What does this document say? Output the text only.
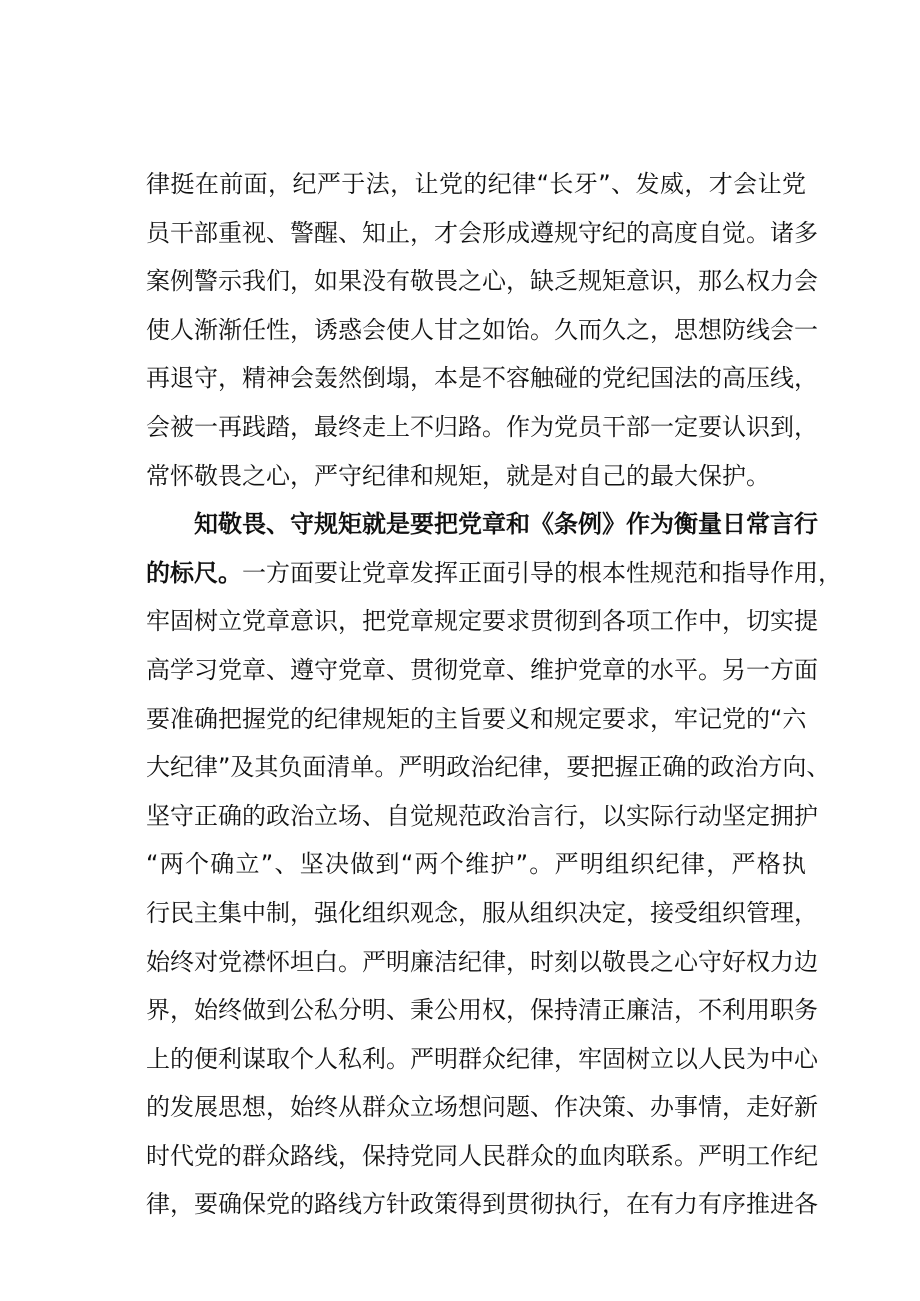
律挺在前面，纪严于法，让党的纪律“长牙”、发威，才会让党
员干部重视、警醒、知止，才会形成遵规守纪的高度自觉。诸多
案例警示我们，如果没有敬畏之心，缺乏规矩意识，那么权力会
使人渐渐任性，诱惑会使人甘之如饴。久而久之，思想防线会一
再退守，精神会轰然倒塌，本是不容触碰的党纪国法的高压线，
会被一再践踏，最终走上不归路。作为党员干部一定要认识到，
常怀敬畏之心，严守纪律和规矩，就是对自己的最大保护。
知敬畏、守规矩就是要把党章和《条例》作为衡量日常言行
的标尺。一方面要让党章发挥正面引导的根本性规范和指导作用，
牢固树立党章意识，把党章规定要求贯彻到各项工作中，切实提
高学习党章、遵守党章、贯彻党章、维护党章的水平。另一方面
要准确把握党的纪律规矩的主旨要义和规定要求，牢记党的“六
大纪律”及其负面清单。严明政治纪律，要把握正确的政治方向、
坚守正确的政治立场、自觉规范政治言行，以实际行动坚定拥护
“两个确立”、坚决做到“两个维护”。严明组织纪律，严格执
行民主集中制，强化组织观念，服从组织决定，接受组织管理，
始终对党襟怀坦白。严明廉洁纪律，时刻以敬畏之心守好权力边
界，始终做到公私分明、秉公用权，保持清正廉洁，不利用职务
上的便利谋取个人私利。严明群众纪律，牢固树立以人民为中心
的发展思想，始终从群众立场想问题、作决策、办事情，走好新
时代党的群众路线，保持党同人民群众的血肉联系。严明工作纪
律，要确保党的路线方针政策得到贯彻执行，在有力有序推进各
